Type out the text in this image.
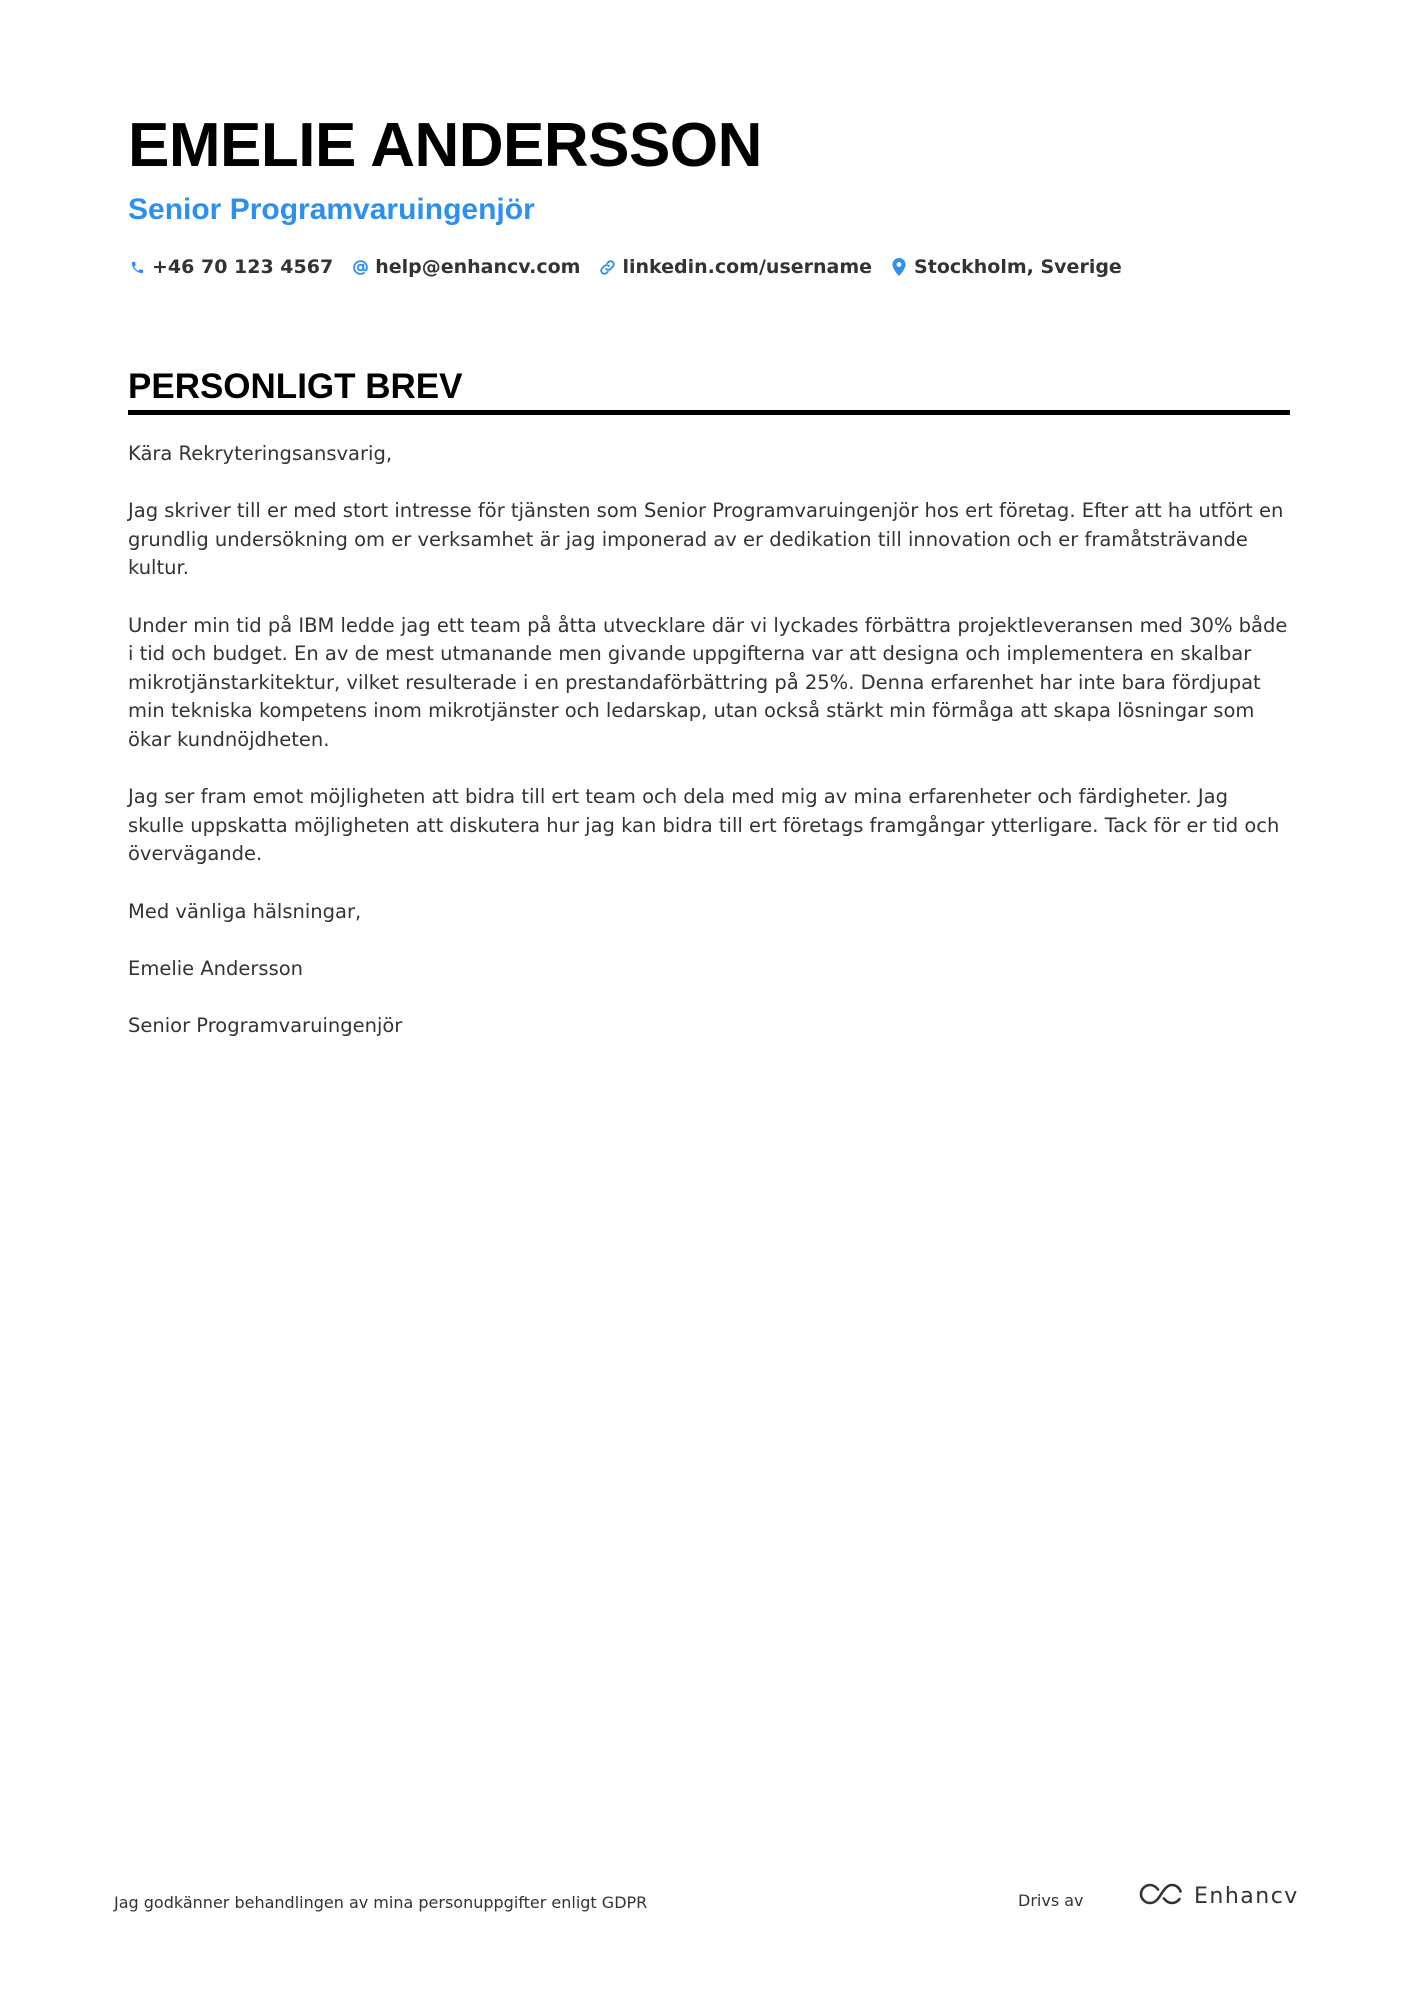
EMELIE ANDERSSON
Senior Programvaruingenjör
+46 70 123 4567 help@enhancv.com linkedin.com/username Stockholm, Sverige
PERSONLIGT BREV

Kära Rekryteringsansvarig,

Jag skriver till er med stort intresse för tjänsten som Senior Programvaruingenjör hos ert företag. Efter att ha utfört en grundlig undersökning om er verksamhet är jag imponerad av er dedikation till innovation och er framåtsträvande kultur.

Under min tid på IBM ledde jag ett team på åtta utvecklare där vi lyckades förbättra projektleveransen med 30% både i tid och budget. En av de mest utmanande men givande uppgifterna var att designa och implementera en skalbar mikrotjänstarkitektur, vilket resulterade i en prestandaförbättring på 25%. Denna erfarenhet har inte bara fördjupat min tekniska kompetens inom mikrotjänster och ledarskap, utan också stärkt min förmåga att skapa lösningar som ökar kundnöjdheten.

Jag ser fram emot möjligheten att bidra till ert team och dela med mig av mina erfarenheter och färdigheter. Jag skulle uppskatta möjligheten att diskutera hur jag kan bidra till ert företags framgångar ytterligare. Tack för er tid och övervägande.

Med vänliga hälsningar,

Emelie Andersson

Senior Programvaruingenjör

Jag godkänner behandlingen av mina personuppgifter enligt GDPR	Drivs av	Enhancv
